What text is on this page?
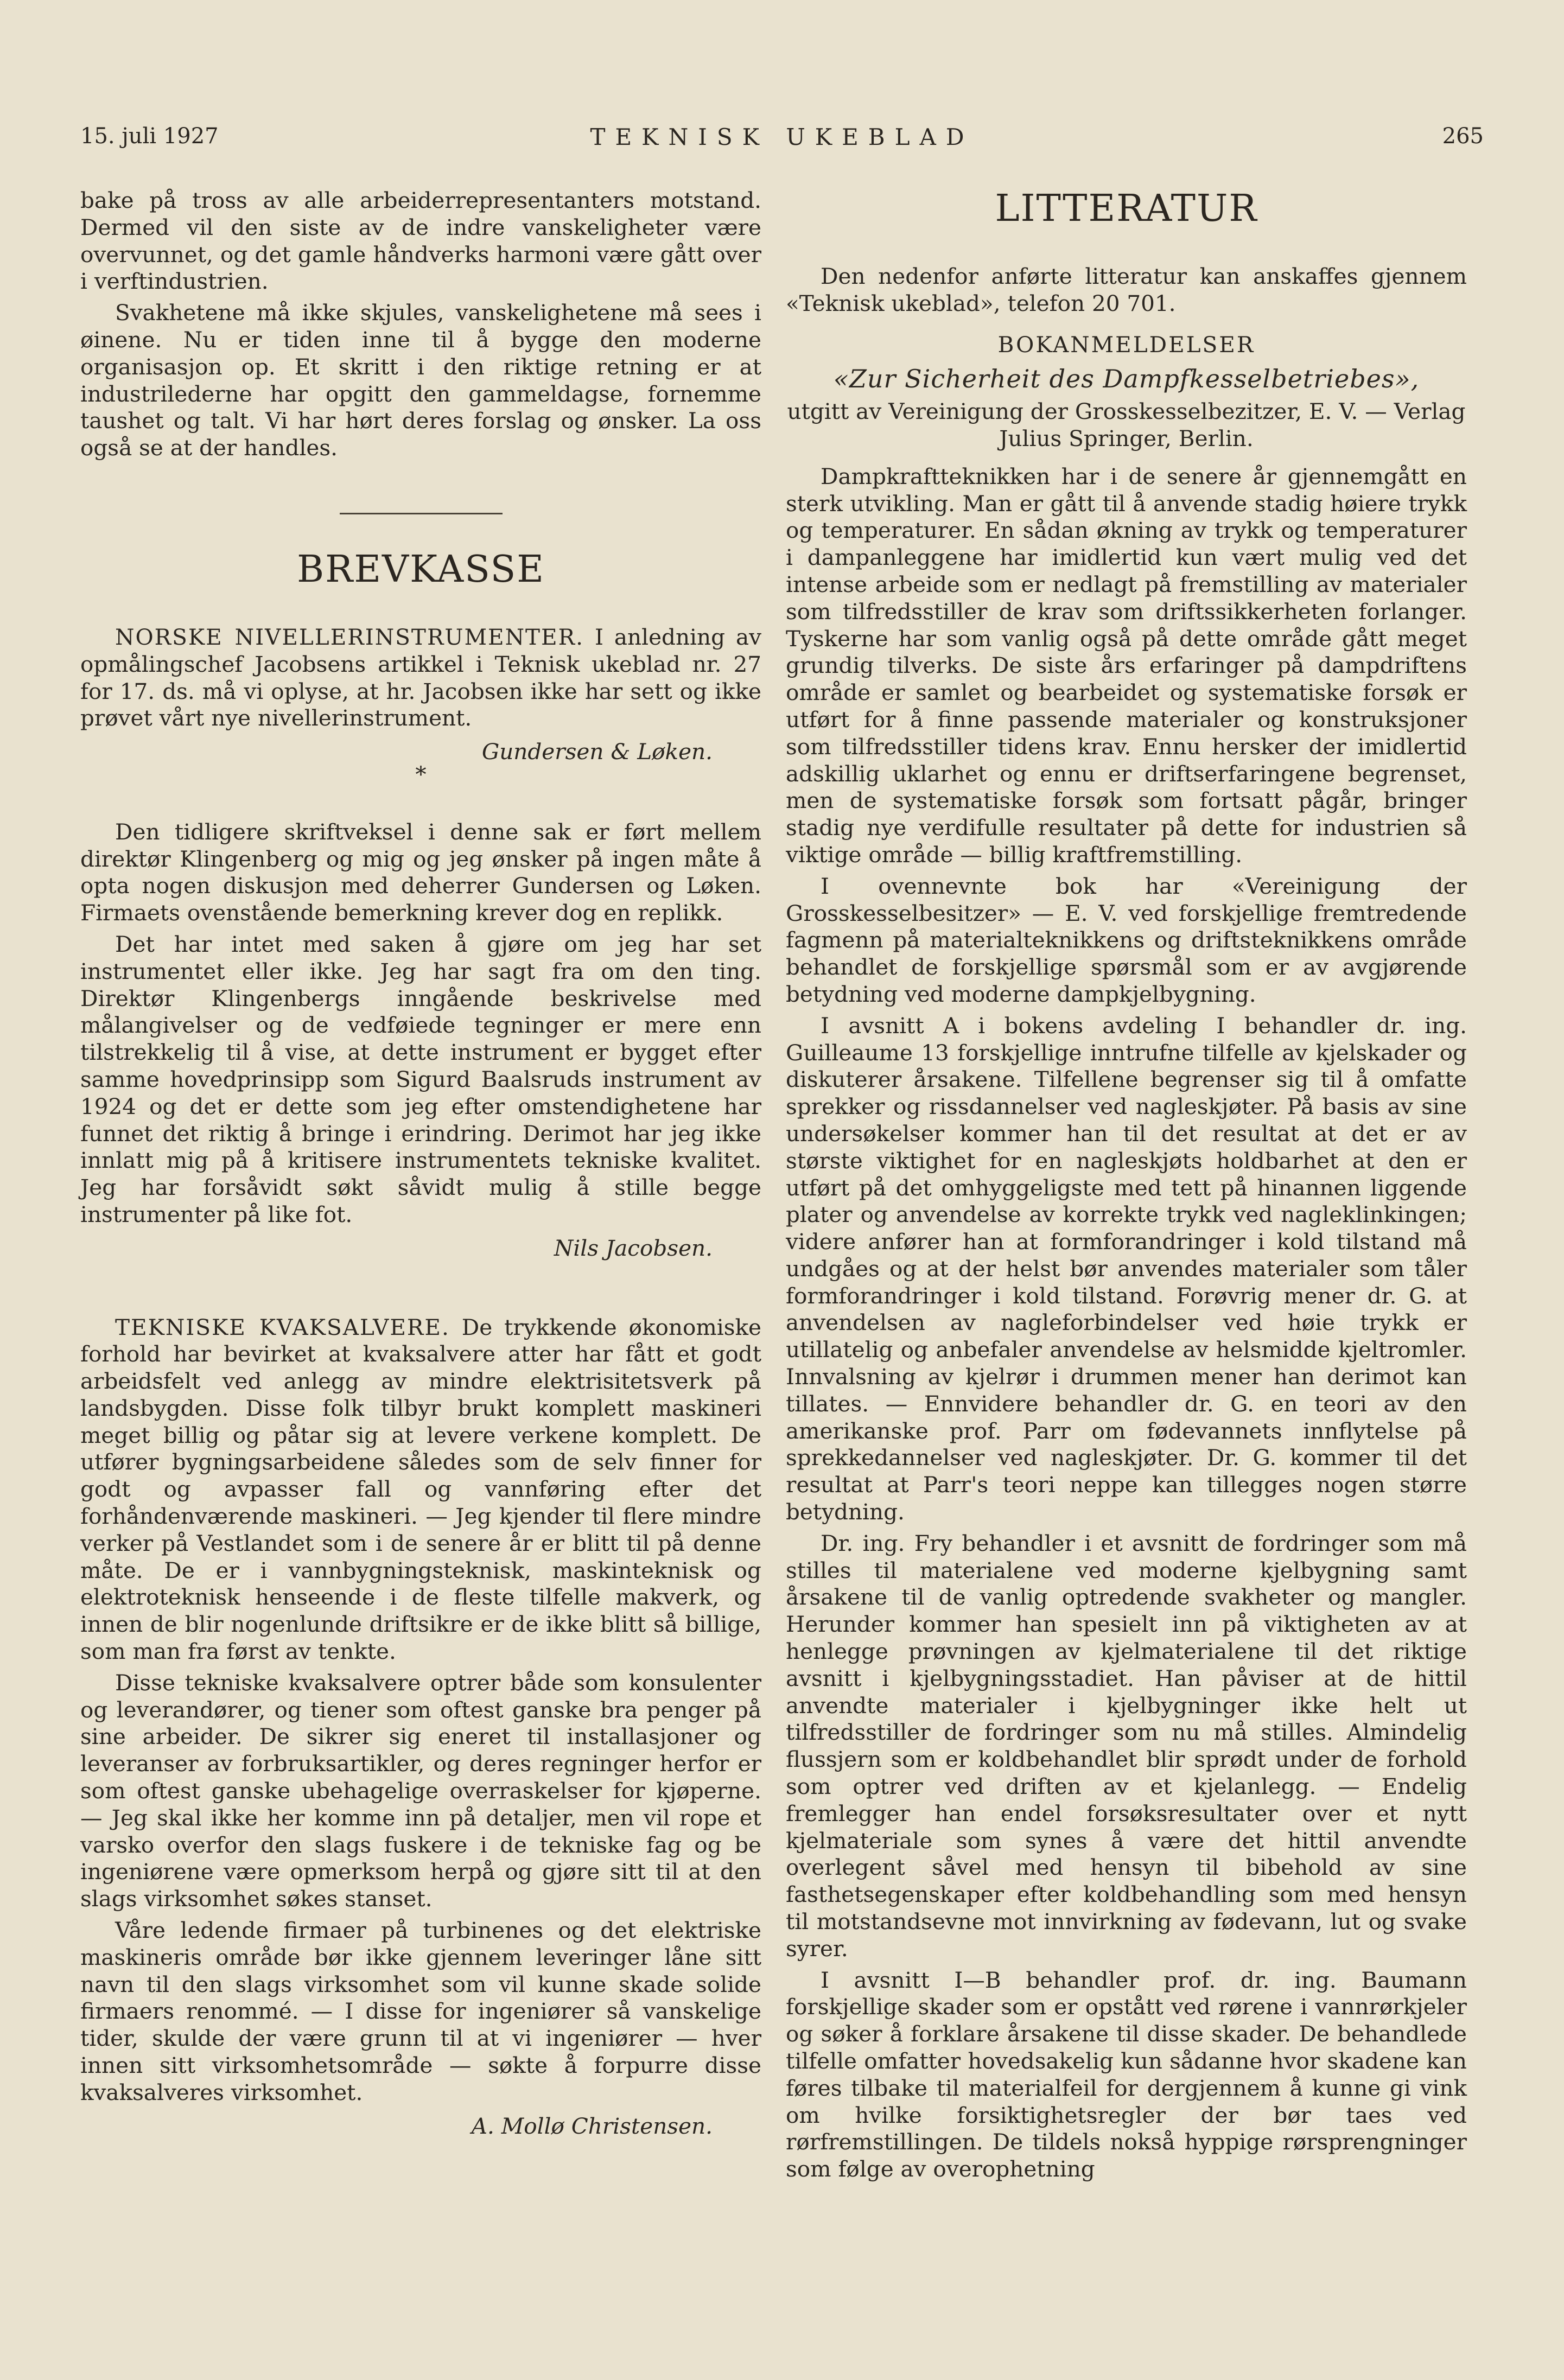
15. juli 1927	TEKNISK UKEBLAD	265

bake på tross av alle arbeiderrepresentanters motstand. Dermed vil den siste av de indre vanskeligheter være overvunnet, og det gamle håndverks harmoni være gått over i verftindustrien.

Svakhetene må ikke skjules, vanskelighetene må sees i øinene. Nu er tiden inne til å bygge den moderne organisasjon op. Et skritt i den riktige retning er at industrilederne har opgitt den gammeldagse, fornemme taushet og talt. Vi har hørt deres forslag og ønsker. La oss også se at der handles.

BREVKASSE

NORSKE NIVELLERINSTRUMENTER. I anledning av opmålingschef Jacobsens artikkel i Teknisk ukeblad nr. 27 for 17. ds. må vi oplyse, at hr. Jacobsen ikke har sett og ikke prøvet vårt nye nivellerinstrument.

Gundersen & Løken.
*

Den tidligere skriftveksel i denne sak er ført mellem direktør Klingenberg og mig og jeg ønsker på ingen måte å opta nogen diskusjon med deherrer Gundersen og Løken. Firmaets ovenstående bemerkning krever dog en replikk.

Det har intet med saken å gjøre om jeg har set instrumentet eller ikke. Jeg har sagt fra om den ting. Direktør Klingenbergs inngående beskrivelse med målangivelser og de vedføiede tegninger er mere enn tilstrekkelig til å vise, at dette instrument er bygget efter samme hovedprinsipp som Sigurd Baalsruds instrument av 1924 og det er dette som jeg efter omstendighetene har funnet det riktig å bringe i erindring. Derimot har jeg ikke innlatt mig på å kritisere instrumentets tekniske kvalitet. Jeg har forsåvidt søkt såvidt mulig å stille begge instrumenter på like fot.

Nils Jacobsen.

TEKNISKE KVAKSALVERE. De trykkende økonomiske forhold har bevirket at kvaksalvere atter har fått et godt arbeidsfelt ved anlegg av mindre elektrisitetsverk på landsbygden. Disse folk tilbyr brukt komplett maskineri meget billig og påtar sig at levere verkene komplett. De utfører bygningsarbeidene således som de selv finner for godt og avpasser fall og vannføring efter det forhåndenværende maskineri. — Jeg kjender til flere mindre verker på Vestlandet som i de senere år er blitt til på denne måte. De er i vannbygningsteknisk, maskinteknisk og elektroteknisk henseende i de fleste tilfelle makverk, og innen de blir nogenlunde driftsikre er de ikke blitt så billige, som man fra først av tenkte.

Disse tekniske kvaksalvere optrer både som konsulenter og leverandører, og tiener som oftest ganske bra penger på sine arbeider. De sikrer sig eneret til installasjoner og leveranser av forbruksartikler, og deres regninger herfor er som oftest ganske ubehagelige overraskelser for kjøperne. — Jeg skal ikke her komme inn på detaljer, men vil rope et varsko overfor den slags fuskere i de tekniske fag og be ingeniørene være opmerksom herpå og gjøre sitt til at den slags virksomhet søkes stanset.

Våre ledende firmaer på turbinenes og det elektriske maskineris område bør ikke gjennem leveringer låne sitt navn til den slags virksomhet som vil kunne skade solide firmaers renommé. — I disse for ingeniører så vanskelige tider, skulde der være grunn til at vi ingeniører — hver innen sitt virksomhetsområde — søkte å forpurre disse kvaksalveres virksomhet.

A. Mollø Christensen.
LITTERATUR

Den nedenfor anførte litteratur kan anskaffes gjennem «Teknisk ukeblad», telefon 20 701.

BOKANMELDELSER
«Zur Sicherheit des Dampfkesselbetriebes»,
utgitt av Vereinigung der Grosskesselbezitzer, E. V. — Verlag Julius Springer, Berlin.

Dampkraftteknikken har i de senere år gjennemgått en sterk utvikling. Man er gått til å anvende stadig høiere trykk og temperaturer. En sådan økning av trykk og temperaturer i dampanleggene har imidlertid kun vært mulig ved det intense arbeide som er nedlagt på fremstilling av materialer som tilfredsstiller de krav som driftssikkerheten forlanger. Tyskerne har som vanlig også på dette område gått meget grundig tilverks. De siste års erfaringer på dampdriftens område er samlet og bearbeidet og systematiske forsøk er utført for å finne passende materialer og konstruksjoner som tilfredsstiller tidens krav. Ennu hersker der imidlertid adskillig uklarhet og ennu er driftserfaringene begrenset, men de systematiske forsøk som fortsatt pågår, bringer stadig nye verdifulle resultater på dette for industrien så viktige område — billig kraftfremstilling.

I ovennevnte bok har «Vereinigung der Grosskesselbesitzer» — E. V. ved forskjellige fremtredende fagmenn på materialteknikkens og driftsteknikkens område behandlet de forskjellige spørsmål som er av avgjørende betydning ved moderne dampkjelbygning.

I avsnitt A i bokens avdeling I behandler dr. ing. Guilleaume 13 forskjellige inntrufne tilfelle av kjelskader og diskuterer årsakene. Tilfellene begrenser sig til å omfatte sprekker og rissdannelser ved nagleskjøter. På basis av sine undersøkelser kommer han til det resultat at det er av største viktighet for en nagleskjøts holdbarhet at den er utført på det omhyggeligste med tett på hinannen liggende plater og anvendelse av korrekte trykk ved nagleklinkingen; videre anfører han at formforandringer i kold tilstand må undgåes og at der helst bør anvendes materialer som tåler formforandringer i kold tilstand. Forøvrig mener dr. G. at anvendelsen av nagleforbindelser ved høie trykk er utillatelig og anbefaler anvendelse av helsmidde kjeltromler. Innvalsning av kjelrør i drummen mener han derimot kan tillates. — Ennvidere behandler dr. G. en teori av den amerikanske prof. Parr om fødevannets innflytelse på sprekkedannelser ved nagleskjøter. Dr. G. kommer til det resultat at Parr's teori neppe kan tillegges nogen større betydning.

Dr. ing. Fry behandler i et avsnitt de fordringer som må stilles til materialene ved moderne kjelbygning samt årsakene til de vanlig optredende svakheter og mangler. Herunder kommer han spesielt inn på viktigheten av at henlegge prøvningen av kjelmaterialene til det riktige avsnitt i kjelbygningsstadiet. Han påviser at de hittil anvendte materialer i kjelbygninger ikke helt ut tilfredsstiller de fordringer som nu må stilles. Almindelig flussjern som er koldbehandlet blir sprødt under de forhold som optrer ved driften av et kjelanlegg. — Endelig fremlegger han endel forsøksresultater over et nytt kjelmateriale som synes å være det hittil anvendte overlegent såvel med hensyn til bibehold av sine fasthetsegenskaper efter koldbehandling som med hensyn til motstandsevne mot innvirkning av fødevann, lut og svake syrer.

I avsnitt I—B behandler prof. dr. ing. Baumann forskjellige skader som er opstått ved rørene i vannrørkjeler og søker å forklare årsakene til disse skader. De behandlede tilfelle omfatter hovedsakelig kun sådanne hvor skadene kan føres tilbake til materialfeil for dergjennem å kunne gi vink om hvilke forsiktighetsregler der bør taes ved rørfremstillingen. De tildels nokså hyppige rørsprengninger som følge av overophetning
